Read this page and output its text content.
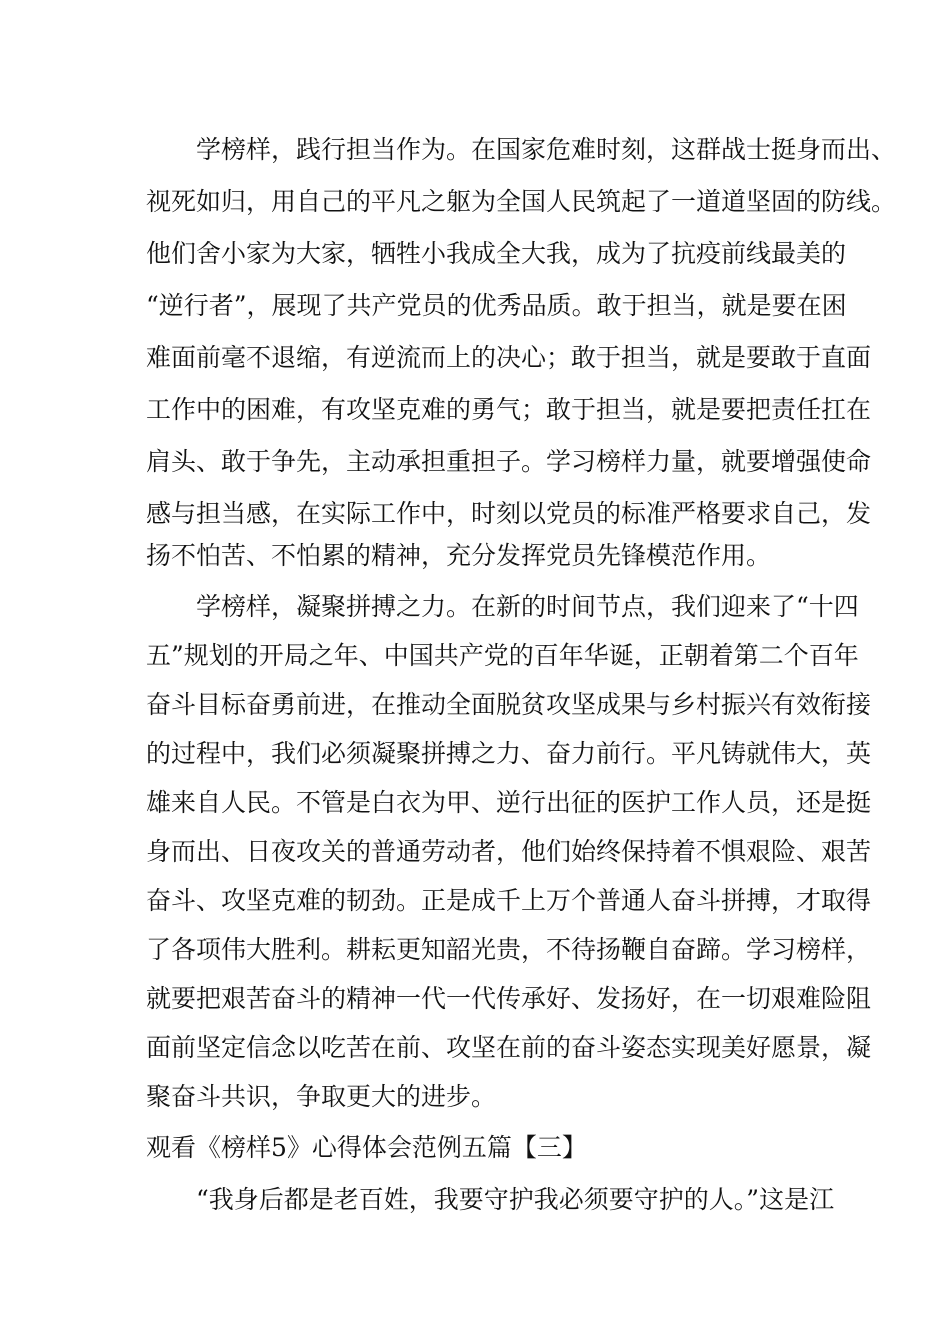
　　学榜样，践行担当作为。在国家危难时刻，这群战士挺身而出、
视死如归，用自己的平凡之躯为全国人民筑起了一道道坚固的防线。
他们舍小家为大家，牺牲小我成全大我，成为了抗疫前线最美的
“逆行者”，展现了共产党员的优秀品质。敢于担当，就是要在困
难面前毫不退缩，有逆流而上的决心；敢于担当，就是要敢于直面
工作中的困难，有攻坚克难的勇气；敢于担当，就是要把责任扛在
肩头、敢于争先，主动承担重担子。学习榜样力量，就要增强使命
感与担当感，在实际工作中，时刻以党员的标准严格要求自己，发
扬不怕苦、不怕累的精神，充分发挥党员先锋模范作用。
　　学榜样，凝聚拼搏之力。在新的时间节点，我们迎来了“十四
五”规划的开局之年、中国共产党的百年华诞，正朝着第二个百年
奋斗目标奋勇前进，在推动全面脱贫攻坚成果与乡村振兴有效衔接
的过程中，我们必须凝聚拼搏之力、奋力前行。平凡铸就伟大，英
雄来自人民。不管是白衣为甲、逆行出征的医护工作人员，还是挺
身而出、日夜攻关的普通劳动者，他们始终保持着不惧艰险、艰苦
奋斗、攻坚克难的韧劲。正是成千上万个普通人奋斗拼搏，才取得
了各项伟大胜利。耕耘更知韶光贵，不待扬鞭自奋蹄。学习榜样，
就要把艰苦奋斗的精神一代一代传承好、发扬好，在一切艰难险阻
面前坚定信念以吃苦在前、攻坚在前的奋斗姿态实现美好愿景，凝
聚奋斗共识，争取更大的进步。
观看《榜样5》心得体会范例五篇【三】
　　“我身后都是老百姓，我要守护我必须要守护的人。”这是江
